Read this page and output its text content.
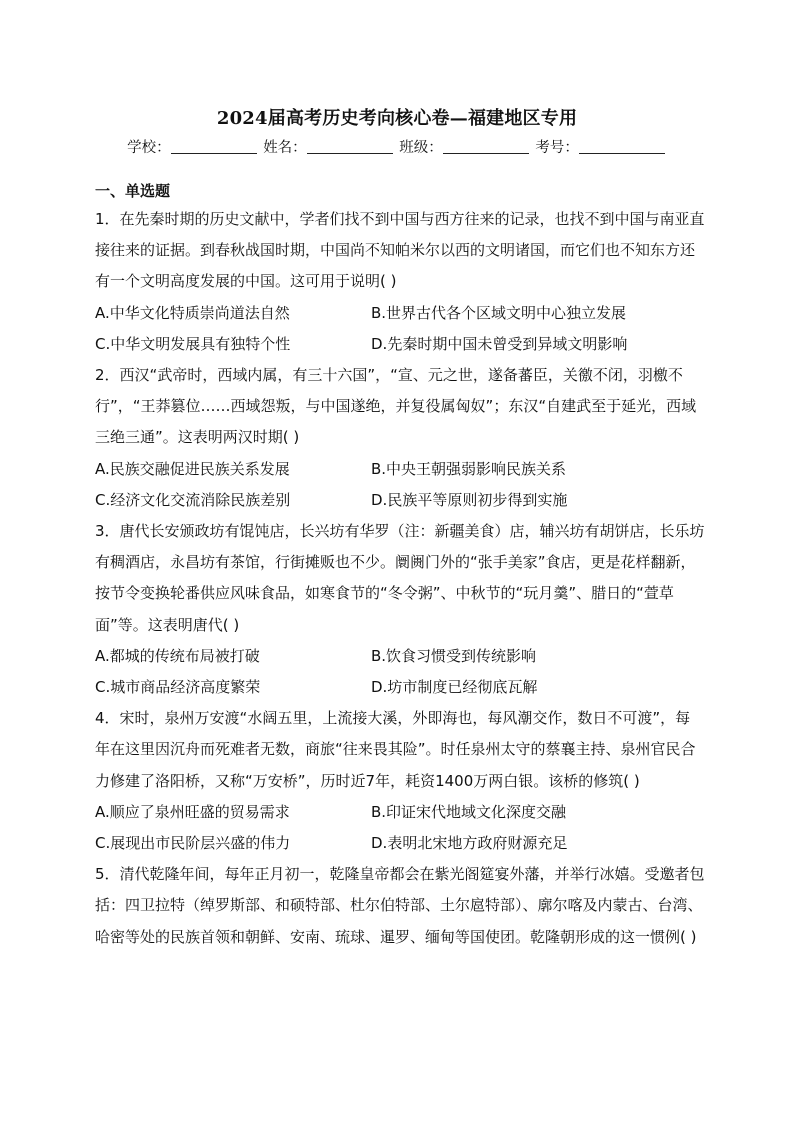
2024届高考历史考向核心卷—福建地区专用
学校：	姓名：	班级：	考号：
一、单选题

1．在先秦时期的历史文献中，学者们找不到中国与西方往来的记录，也找不到中国与南亚直接往来的证据。到春秋战国时期，中国尚不知帕米尔以西的文明诸国，而它们也不知东方还有一个文明高度发展的中国。这可用于说明( )

A.中华文化特质崇尚道法自然	B.世界古代各个区域文明中心独立发展
C.中华文明发展具有独特个性	D.先秦时期中国未曾受到异域文明影响

2．西汉“武帝时，西域内属，有三十六国”，“宣、元之世，遂备蕃臣，关徼不闭，羽檄不行”，“王莽篡位……西域怨叛，与中国遂绝，并复役属匈奴”；东汉“自建武至于延光，西域三绝三通”。这表明两汉时期( )

A.民族交融促进民族关系发展	B.中央王朝强弱影响民族关系
C.经济文化交流消除民族差别	D.民族平等原则初步得到实施

3．唐代长安颁政坊有馄饨店，长兴坊有华罗（注：新疆美食）店，辅兴坊有胡饼店，长乐坊有稠酒店，永昌坊有茶馆，行街摊贩也不少。阛阓门外的“张手美家”食店，更是花样翻新，按节令变换轮番供应风味食品，如寒食节的“冬令粥”、中秋节的“玩月羹”、腊日的“萱草面”等。这表明唐代( )

A.都城的传统布局被打破	B.饮食习惯受到传统影响
C.城市商品经济高度繁荣	D.坊市制度已经彻底瓦解

4．宋时，泉州万安渡“水阔五里，上流接大溪，外即海也，每风潮交作，数日不可渡”，每年在这里因沉舟而死难者无数，商旅“往来畏其险”。时任泉州太守的蔡襄主持、泉州官民合力修建了洛阳桥，又称“万安桥”，历时近7年，耗资1400万两白银。该桥的修筑( )

A.顺应了泉州旺盛的贸易需求	B.印证宋代地域文化深度交融
C.展现出市民阶层兴盛的伟力	D.表明北宋地方政府财源充足

5．清代乾隆年间，每年正月初一，乾隆皇帝都会在紫光阁筵宴外藩，并举行冰嬉。受邀者包括：四卫拉特（绰罗斯部、和硕特部、杜尔伯特部、土尔扈特部）、廓尔喀及内蒙古、台湾、哈密等处的民族首领和朝鲜、安南、琉球、暹罗、缅甸等国使团。乾隆朝形成的这一惯例( )
